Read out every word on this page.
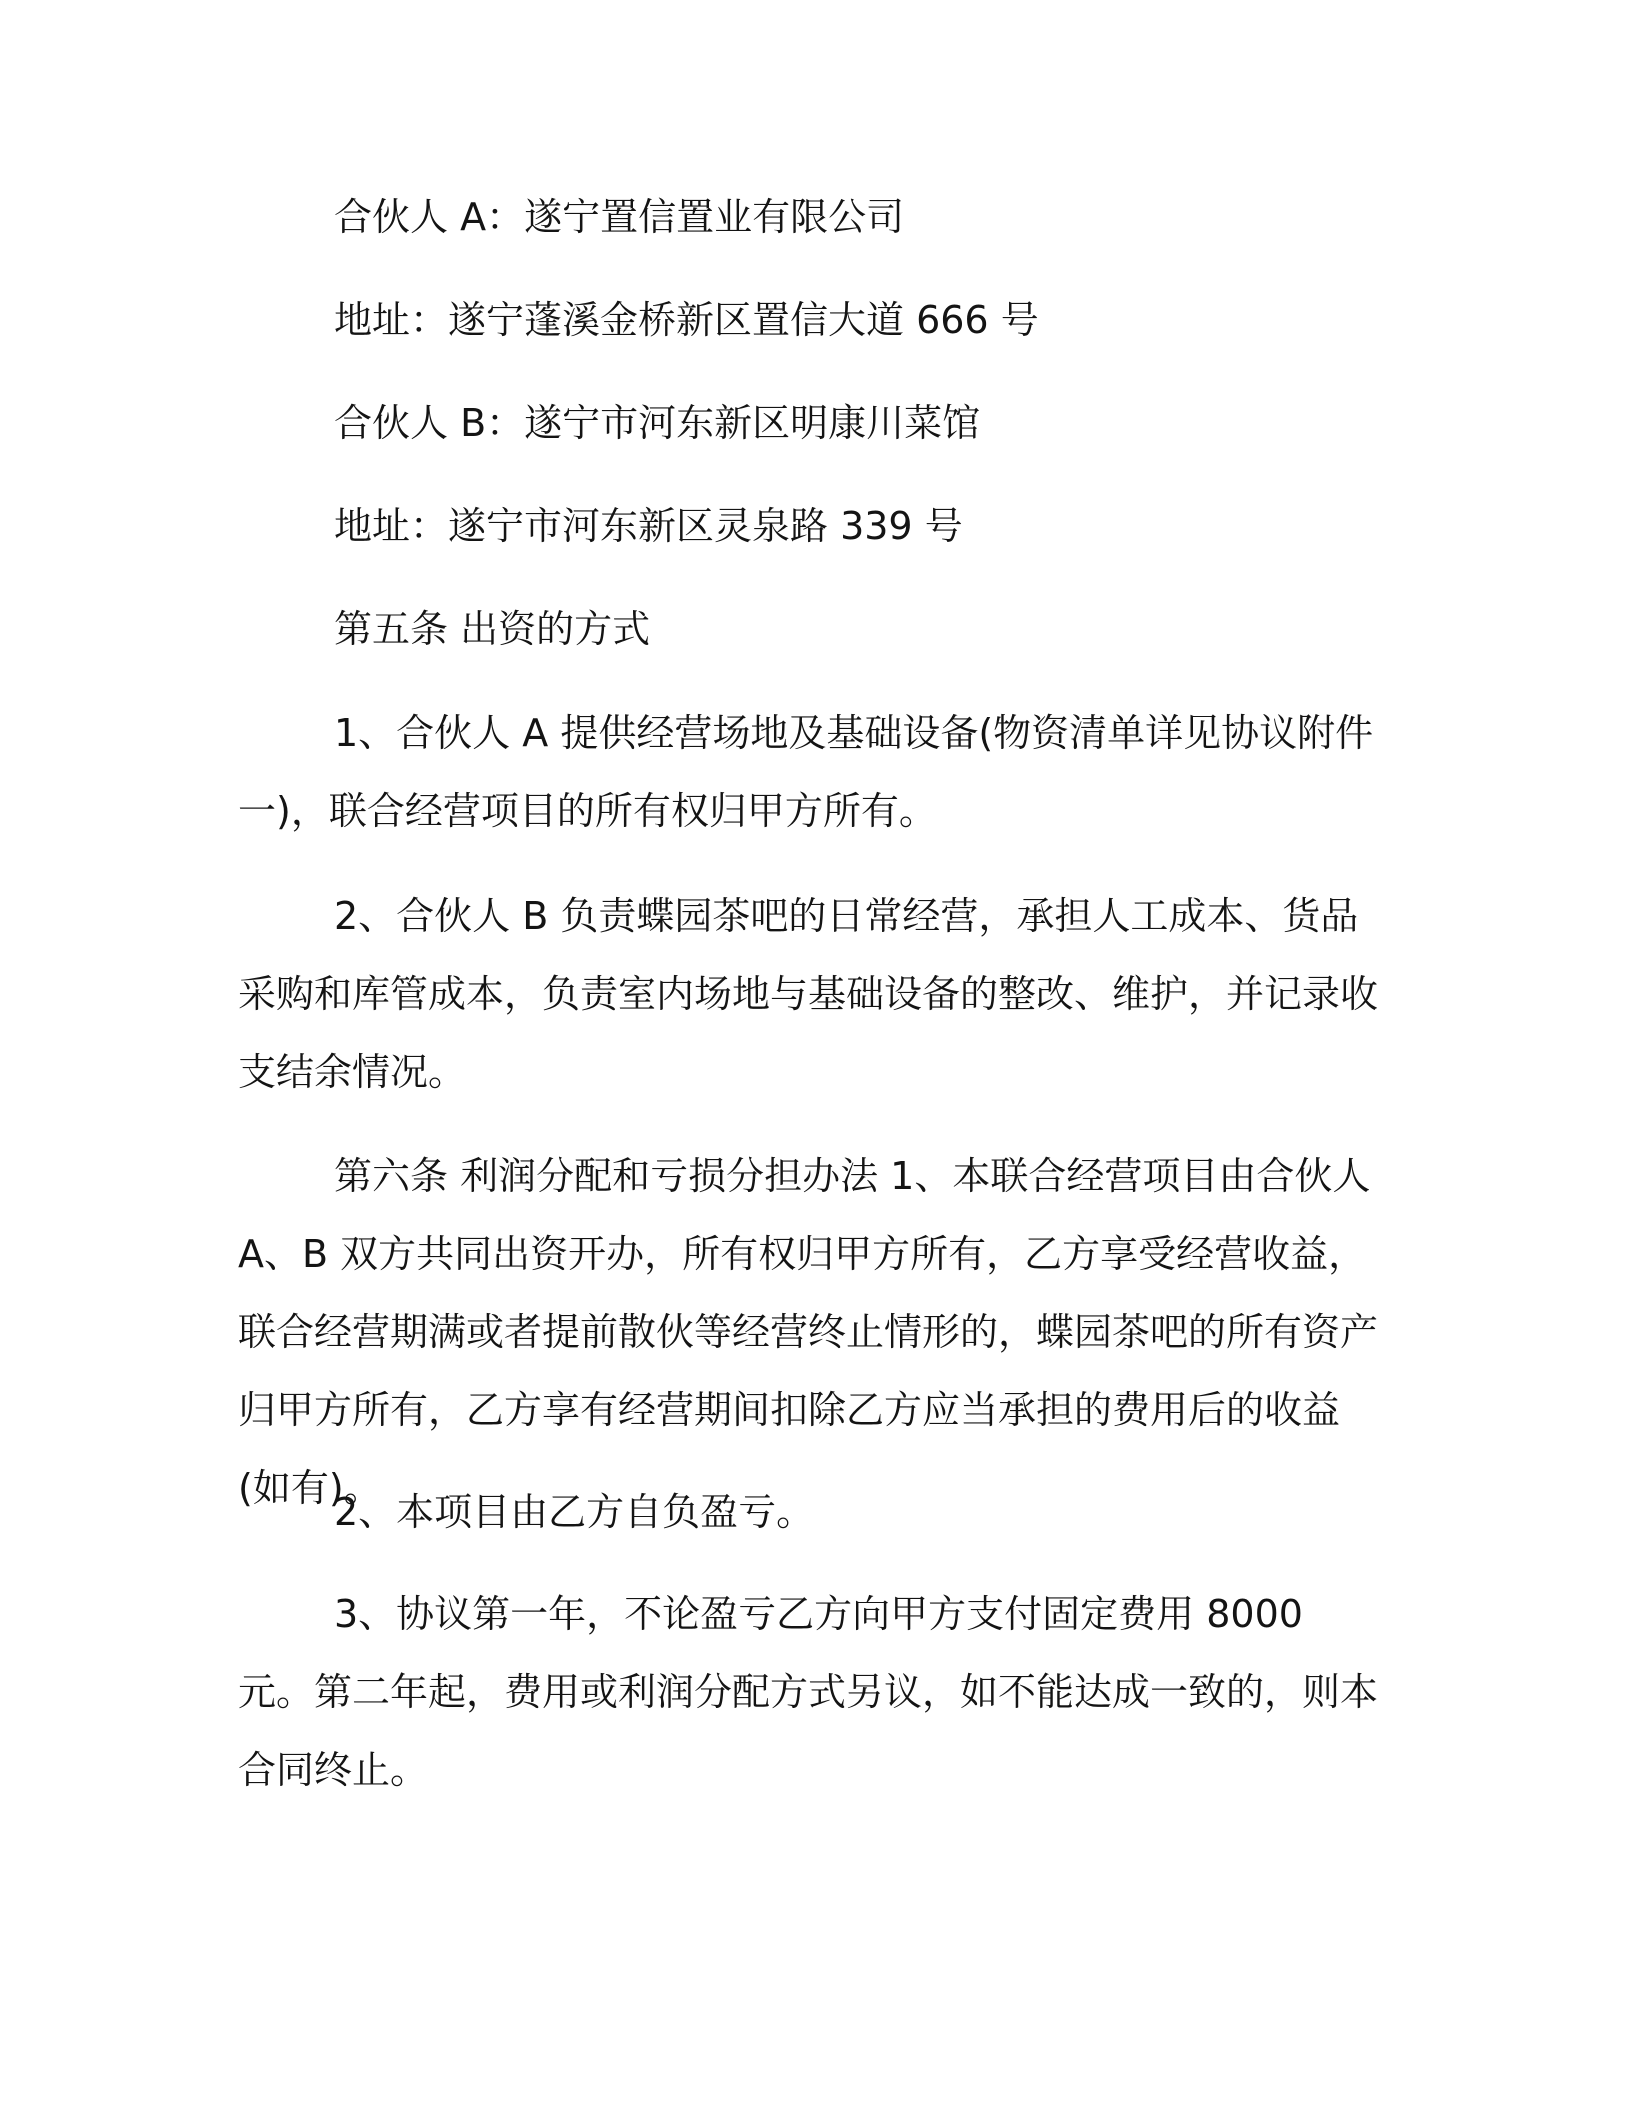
合伙人 A：遂宁置信置业有限公司

地址：遂宁蓬溪金桥新区置信大道 666 号

合伙人 B：遂宁市河东新区明康川菜馆

地址：遂宁市河东新区灵泉路 339 号

第五条 出资的方式

1、合伙人 A 提供经营场地及基础设备(物资清单详见协议附件一)，联合经营项目的所有权归甲方所有。

2、合伙人 B 负责蝶园茶吧的日常经营，承担人工成本、货品采购和库管成本，负责室内场地与基础设备的整改、维护，并记录收支结余情况。

第六条 利润分配和亏损分担办法 1、本联合经营项目由合伙人 A、B 双方共同出资开办，所有权归甲方所有，乙方享受经营收益，联合经营期满或者提前散伙等经营终止情形的，蝶园茶吧的所有资产归甲方所有，乙方享有经营期间扣除乙方应当承担的费用后的收益(如有)。

2、本项目由乙方自负盈亏。

3、协议第一年，不论盈亏乙方向甲方支付固定费用 8000 元。第二年起，费用或利润分配方式另议，如不能达成一致的，则本合同终止。
